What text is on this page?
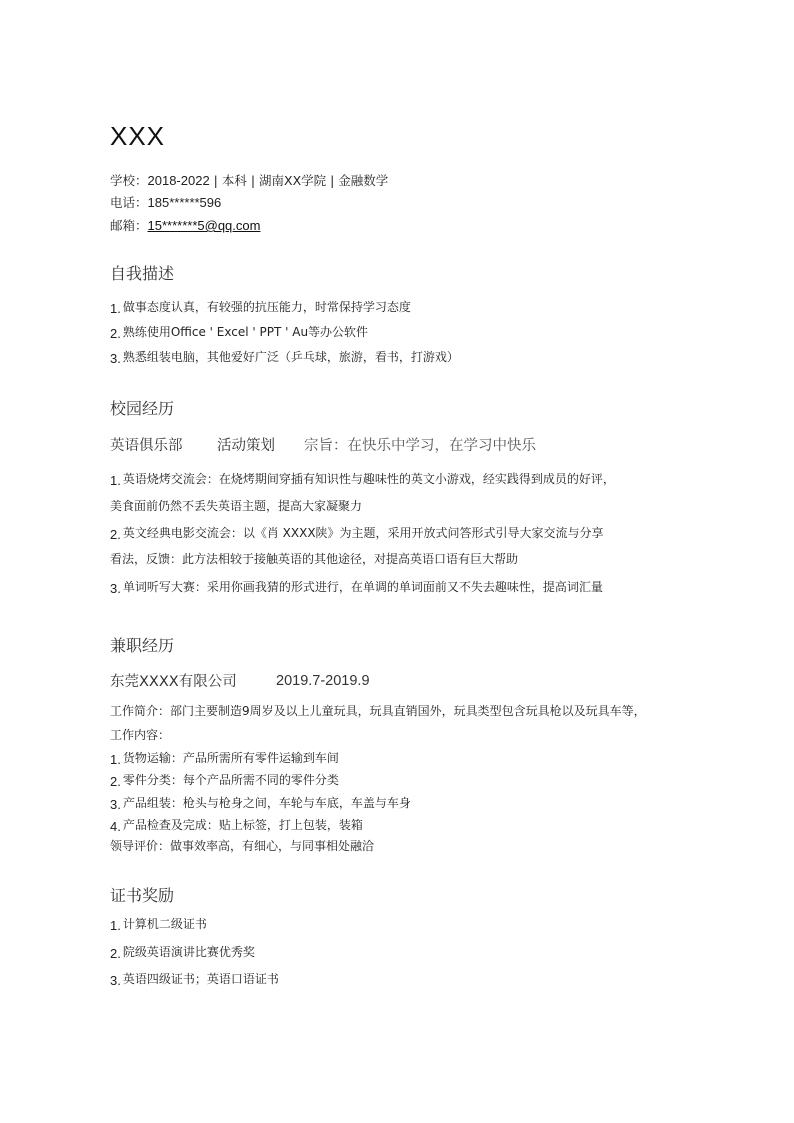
XXX
学校：2018-2022 | 本科 | 湖南XX学院 | 金融数学
电话：185******596
邮箱：15*******5@qq.com
自我描述
1. 做事态度认真，有较强的抗压能力，时常保持学习态度
2. 熟练使用Office ' Excel ' PPT ' Au等办公软件
3. 熟悉组装电脑，其他爱好广泛（乒乓球，旅游，看书，打游戏）
校园经历
英语俱乐部 活动策划 宗旨：在快乐中学习，在学习中快乐
1. 英语烧烤交流会：在烧烤期间穿插有知识性与趣味性的英文小游戏，经实践得到成员的好评，
美食面前仍然不丢失英语主题，提高大家凝聚力
2. 英文经典电影交流会：以《肖 XXXX陕》为主题，采用开放式问答形式引导大家交流与分享
看法，反馈：此方法相较于接触英语的其他途径，对提高英语口语有巨大帮助
3. 单词听写大赛：采用你画我猜的形式进行，在单调的单词面前又不失去趣味性，提高词汇量
兼职经历
东莞XXXX有限公司	2019.7-2019.9
工作简介：部门主要制造9周岁及以上儿童玩具，玩具直销国外，玩具类型包含玩具枪以及玩具车等，
工作内容：
1. 货物运输：产品所需所有零件运输到车间
2. 零件分类：每个产品所需不同的零件分类
3. 产品组装：枪头与枪身之间，车轮与车底，车盖与车身
4. 产品检查及完成：贴上标签，打上包装，装箱
领导评价：做事效率高，有细心，与同事相处融洽
证书奖励
1. 计算机二级证书
2. 院级英语演讲比赛优秀奖
3. 英语四级证书；英语口语证书
